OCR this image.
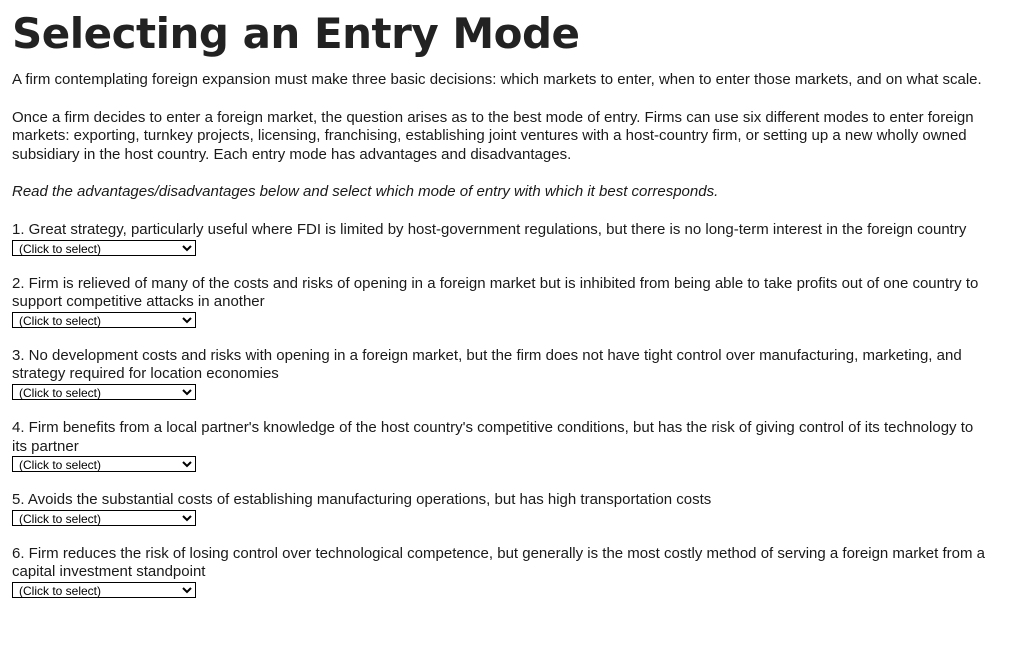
Selecting an Entry Mode

A firm contemplating foreign expansion must make three basic decisions: which markets to enter, when to enter those markets, and on what scale.

Once a firm decides to enter a foreign market, the question arises as to the best mode of entry. Firms can use six different modes to enter foreign markets: exporting, turnkey projects, licensing, franchising, establishing joint ventures with a host-country firm, or setting up a new wholly owned subsidiary in the host country. Each entry mode has advantages and disadvantages.

Read the advantages/disadvantages below and select which mode of entry with which it best corresponds.

1. Great strategy, particularly useful where FDI is limited by host-government regulations, but there is no long-term interest in the foreign country

(Click to select)

2. Firm is relieved of many of the costs and risks of opening in a foreign market but is inhibited from being able to take profits out of one country to support competitive attacks in another

(Click to select)

3. No development costs and risks with opening in a foreign market, but the firm does not have tight control over manufacturing, marketing, and strategy required for location economies

(Click to select)

4. Firm benefits from a local partner's knowledge of the host country's competitive conditions, but has the risk of giving control of its technology to its partner

(Click to select)

5. Avoids the substantial costs of establishing manufacturing operations, but has high transportation costs

(Click to select)

6. Firm reduces the risk of losing control over technological competence, but generally is the most costly method of serving a foreign market from a capital investment standpoint

(Click to select)
